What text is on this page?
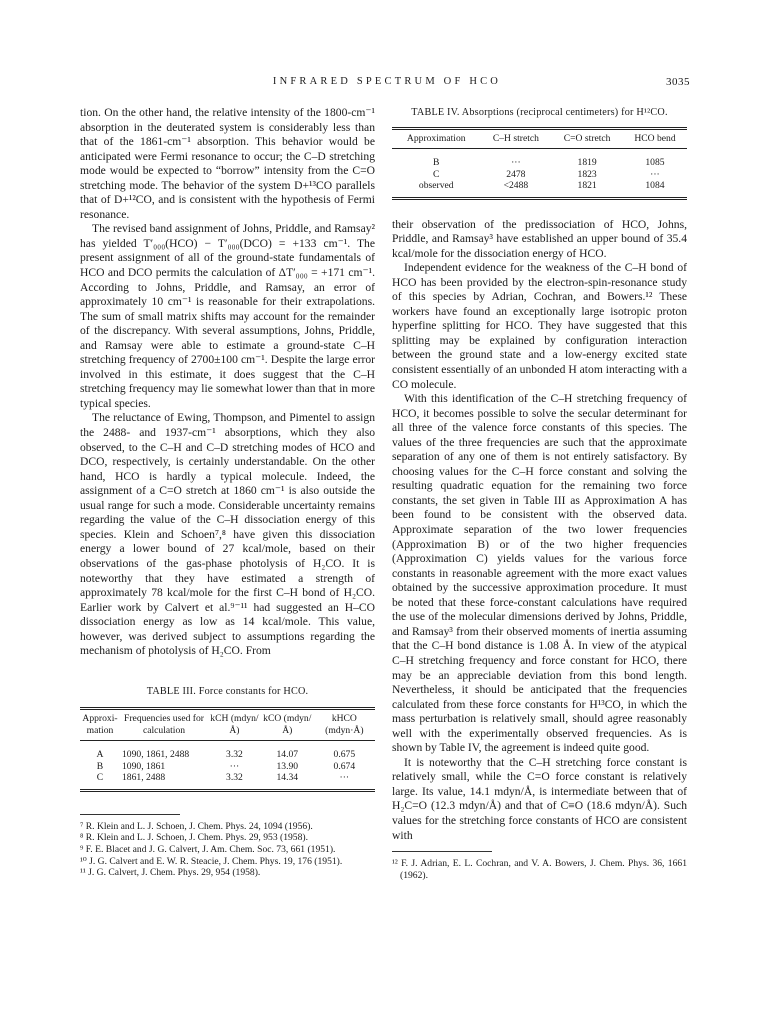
INFRARED SPECTRUM OF HCO	3035

tion. On the other hand, the relative intensity of the 1800-cm⁻¹ absorption in the deuterated system is considerably less than that of the 1861-cm⁻¹ absorption. This behavior would be anticipated were Fermi resonance to occur; the C–D stretching mode would be expected to “borrow” intensity from the C=O stretching mode. The behavior of the system D+¹³CO parallels that of D+¹²CO, and is consistent with the hypothesis of Fermi resonance.

The revised band assignment of Johns, Priddle, and Ramsay² has yielded T′₀₀₀(HCO) − T′₀₀₀(DCO) = +133 cm⁻¹. The present assignment of all of the ground-state fundamentals of HCO and DCO permits the calculation of ΔT′₀₀₀ = +171 cm⁻¹. According to Johns, Priddle, and Ramsay, an error of approximately 10 cm⁻¹ is reasonable for their extrapolations. The sum of small matrix shifts may account for the remainder of the discrepancy. With several assumptions, Johns, Priddle, and Ramsay were able to estimate a ground-state C–H stretching frequency of 2700±100 cm⁻¹. Despite the large error involved in this estimate, it does suggest that the C–H stretching frequency may lie somewhat lower than that in more typical species.

The reluctance of Ewing, Thompson, and Pimentel to assign the 2488- and 1937-cm⁻¹ absorptions, which they also observed, to the C–H and C–D stretching modes of HCO and DCO, respectively, is certainly understandable. On the other hand, HCO is hardly a typical molecule. Indeed, the assignment of a C=O stretch at 1860 cm⁻¹ is also outside the usual range for such a mode. Considerable uncertainty remains regarding the value of the C–H dissociation energy of this species. Klein and Schoen⁷,⁸ have given this dissociation energy a lower bound of 27 kcal/mole, based on their observations of the gas-phase photolysis of H₂CO. It is noteworthy that they have estimated a strength of approximately 78 kcal/mole for the first C–H bond of H₂CO. Earlier work by Calvert et al.⁹⁻¹¹ had suggested an H–CO dissociation energy as low as 14 kcal/mole. This value, however, was derived subject to assumptions regarding the mechanism of photolysis of H₂CO. From

TABLE III. Force constants for HCO.

Approxi-mation	Frequencies used for calculation	kCH (mdyn/Å)	kCO (mdyn/Å)	kHCO (mdyn·Å)
A	1090, 1861, 2488	3.32	14.07	0.675
B	1090, 1861	···	13.90	0.674
C	1861, 2488	3.32	14.34	···

⁷ R. Klein and L. J. Schoen, J. Chem. Phys. 24, 1094 (1956).

⁸ R. Klein and L. J. Schoen, J. Chem. Phys. 29, 953 (1958).

⁹ F. E. Blacet and J. G. Calvert, J. Am. Chem. Soc. 73, 661 (1951).

¹⁰ J. G. Calvert and E. W. R. Steacie, J. Chem. Phys. 19, 176 (1951).

¹¹ J. G. Calvert, J. Chem. Phys. 29, 954 (1958).

TABLE IV. Absorptions (reciprocal centimeters) for H¹²CO.

Approximation	C–H stretch	C=O stretch	HCO bend
B	···	1819	1085
C	2478	1823	···
observed	<2488	1821	1084

their observation of the predissociation of HCO, Johns, Priddle, and Ramsay³ have established an upper bound of 35.4 kcal/mole for the dissociation energy of HCO.

Independent evidence for the weakness of the C–H bond of HCO has been provided by the electron-spin-resonance study of this species by Adrian, Cochran, and Bowers.¹² These workers have found an exceptionally large isotropic proton hyperfine splitting for HCO. They have suggested that this splitting may be explained by configuration interaction between the ground state and a low-energy excited state consistent essentially of an unbonded H atom interacting with a CO molecule.

With this identification of the C–H stretching frequency of HCO, it becomes possible to solve the secular determinant for all three of the valence force constants of this species. The values of the three frequencies are such that the approximate separation of any one of them is not entirely satisfactory. By choosing values for the C–H force constant and solving the resulting quadratic equation for the remaining two force constants, the set given in Table III as Approximation A has been found to be consistent with the observed data. Approximate separation of the two lower frequencies (Approximation B) or of the two higher frequencies (Approximation C) yields values for the various force constants in reasonable agreement with the more exact values obtained by the successive approximation procedure. It must be noted that these force-constant calculations have required the use of the molecular dimensions derived by Johns, Priddle, and Ramsay³ from their observed moments of inertia assuming that the C–H bond distance is 1.08 Å. In view of the atypical C–H stretching frequency and force constant for HCO, there may be an appreciable deviation from this bond length. Nevertheless, it should be anticipated that the frequencies calculated from these force constants for H¹³CO, in which the mass perturbation is relatively small, should agree reasonably well with the experimentally observed frequencies. As is shown by Table IV, the agreement is indeed quite good.

It is noteworthy that the C–H stretching force constant is relatively small, while the C=O force constant is relatively large. Its value, 14.1 mdyn/Å, is intermediate between that of H₂C=O (12.3 mdyn/Å) and that of C≡O (18.6 mdyn/Å). Such values for the stretching force constants of HCO are consistent with

¹² F. J. Adrian, E. L. Cochran, and V. A. Bowers, J. Chem. Phys. 36, 1661 (1962).
